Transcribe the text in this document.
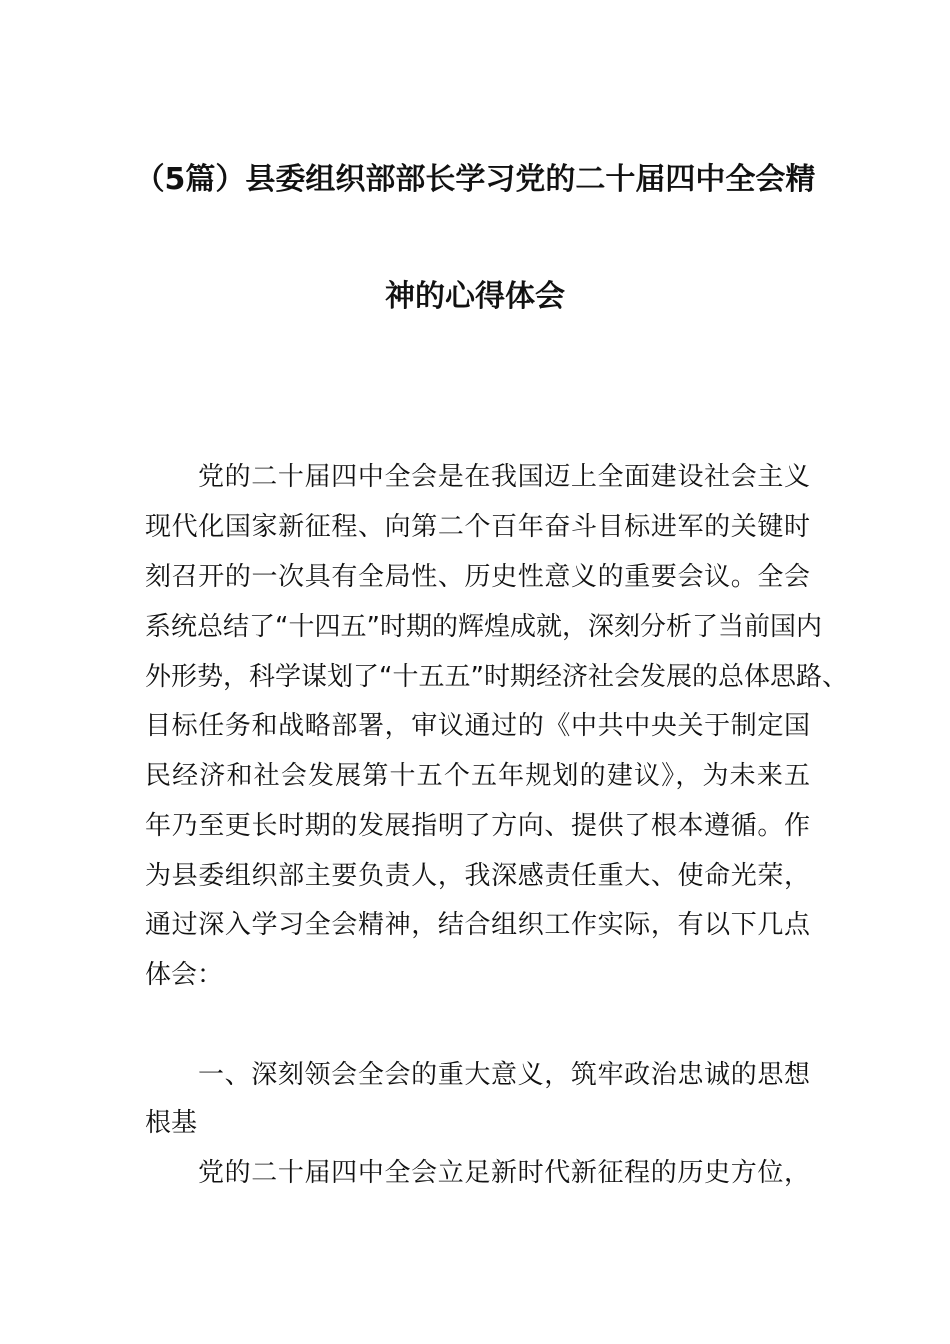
（5篇）县委组织部部长学习党的二十届四中全会精
神的心得体会
党的二十届四中全会是在我国迈上全面建设社会主义
现代化国家新征程、向第二个百年奋斗目标进军的关键时
刻召开的一次具有全局性、历史性意义的重要会议。全会
系统总结了“十四五”时期的辉煌成就，深刻分析了当前国内
外形势，科学谋划了“十五五”时期经济社会发展的总体思路、
目标任务和战略部署，审议通过的《中共中央关于制定国
民经济和社会发展第十五个五年规划的建议》，为未来五
年乃至更长时期的发展指明了方向、提供了根本遵循。作
为县委组织部主要负责人，我深感责任重大、使命光荣，
通过深入学习全会精神，结合组织工作实际，有以下几点
体会：
一、深刻领会全会的重大意义，筑牢政治忠诚的思想
根基
党的二十届四中全会立足新时代新征程的历史方位，
